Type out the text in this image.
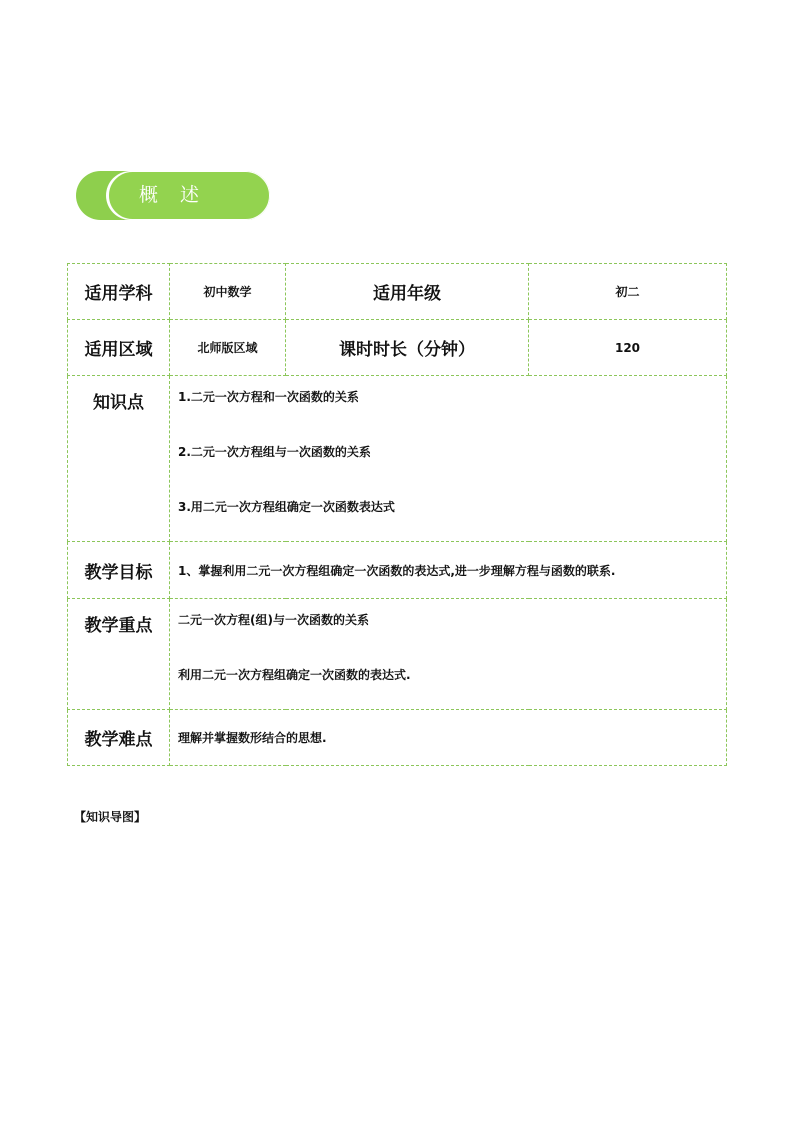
概 述
适用学科	初中数学	适用年级	初二
适用区域	北师版区域	课时时长（分钟）	120
知识点	1.二元一次方程和一次函数的关系

2.二元一次方程组与一次函数的关系

3.用二元一次方程组确定一次函数表达式		

教学目标	1、掌握利用二元一次方程组确定一次函数的表达式,进一步理解方程与函数的联系.		
教学重点	二元一次方程(组)与一次函数的关系

利用二元一次方程组确定一次函数的表达式.		

教学难点	理解并掌握数形结合的思想.		
【知识导图】
